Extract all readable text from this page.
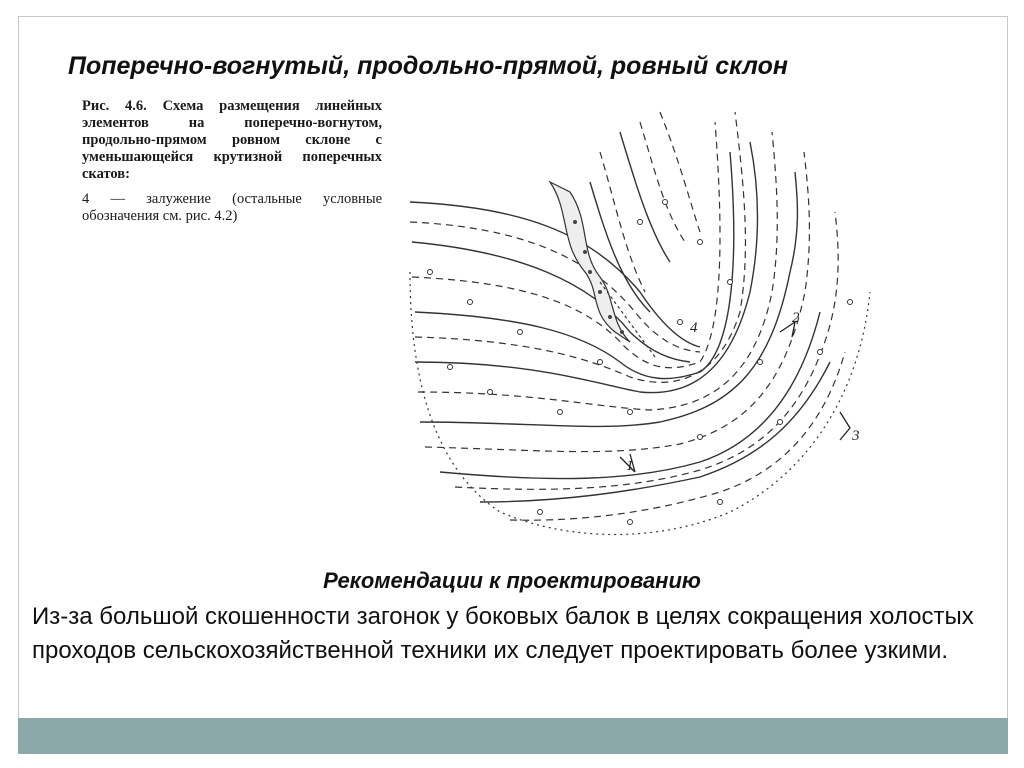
Поперечно-вогнутый, продольно-прямой, ровный склон
Рис. 4.6. Схема размещения линейных элементов на поперечно-вогнутом, продольно-прямом ровном склоне с уменьшающейся крутизной поперечных скатов:
4 — залужение (остальные условные обозначения см. рис. 4.2)
1
2
3
4
Рекомендации к проектированию

Из-за большой скошенности загонок у боковых балок в целях сокращения холостых проходов сельскохозяйственной техники их следует проектировать более узкими.
